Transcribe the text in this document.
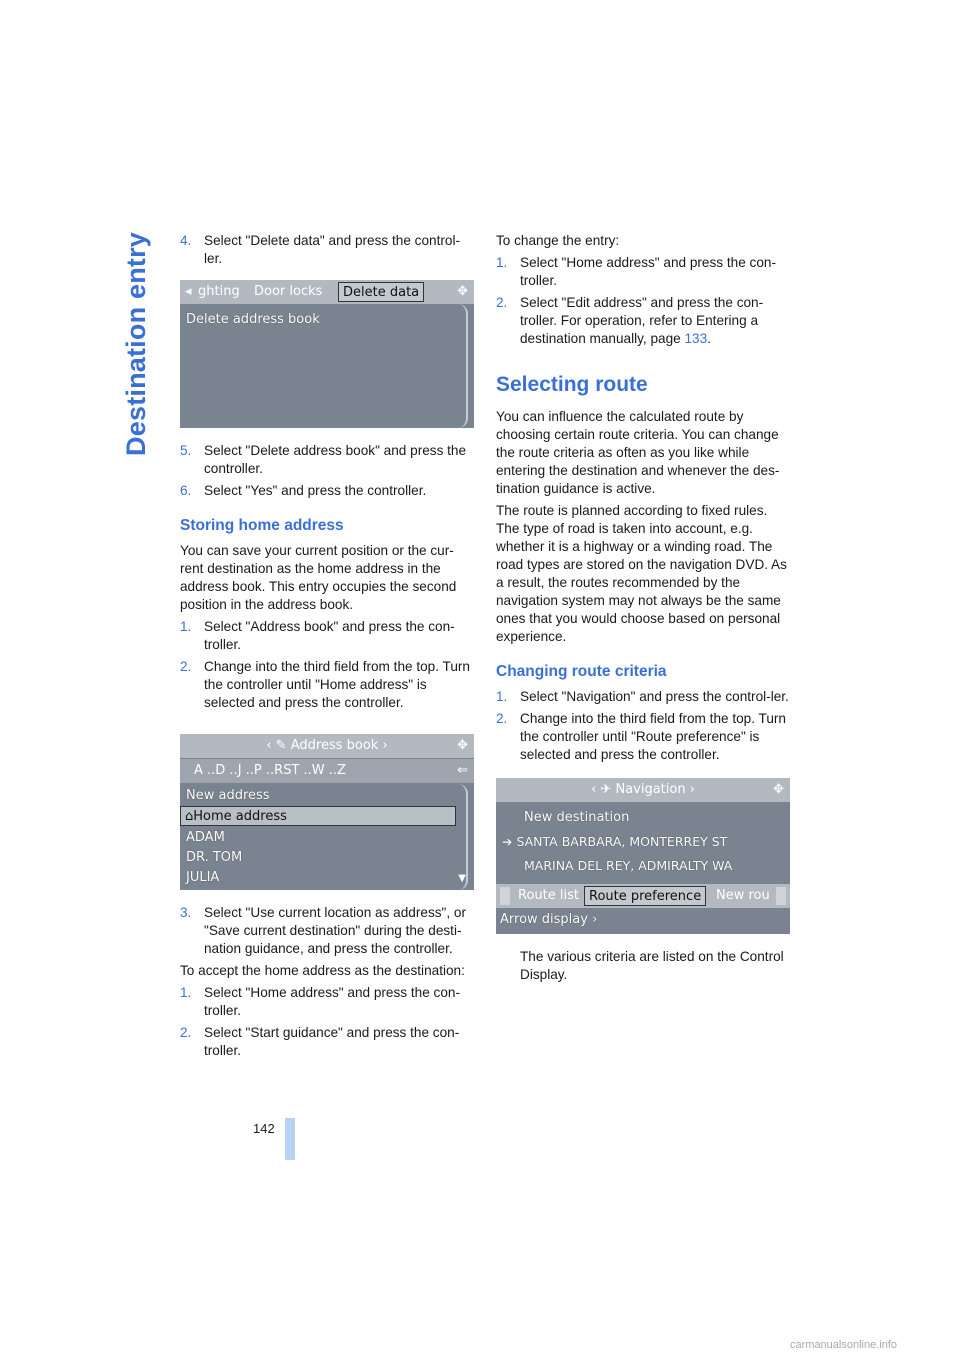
Destination entry 4. Select "Delete data" and press the control-ler.
◂ ghting Door locks	Delete data	✥
Delete address book
5. Select "Delete address book" and press the controller.
6. Select "Yes" and press the controller.
Storing home address

You can save your current position or the cur-rent destination as the home address in the address book. This entry occupies the second position in the address book.

1. Select "Address book" and press the con-troller.
2. Change into the third field from the top. Turn the controller until "Home address" is selected and press the controller.
‹ ✎ Address book ›	✥
A ..D ..J ..P ..RST ..W ..Z	⇐
New address
⌂Home address
ADAM
DR. TOM
JULIA	▼
3. Select "Use current location as address", or "Save current destination" during the desti-nation guidance, and press the controller.

To accept the home address as the destination:

1. Select "Home address" and press the con-troller.
2. Select "Start guidance" and press the con-troller.

To change the entry:

1. Select "Home address" and press the con-troller.
2. Select "Edit address" and press the con-troller. For operation, refer to Entering a destination manually, page 133.
Selecting route

You can influence the calculated route by choosing certain route criteria. You can change the route criteria as often as you like while entering the destination and whenever the des-tination guidance is active.

The route is planned according to fixed rules. The type of road is taken into account, e.g. whether it is a highway or a winding road. The road types are stored on the navigation DVD. As a result, the routes recommended by the navigation system may not always be the same ones that you would choose based on personal experience.

Changing route criteria
1. Select "Navigation" and press the control-ler.
2. Change into the third field from the top. Turn the controller until "Route preference" is selected and press the controller.
‹ ✈ Navigation ›	✥
New destination
➔ SANTA BARBARA, MONTERREY ST
MARINA DEL REY, ADMIRALTY WA
Route list Route preference	New rou
Arrow display ›

The various criteria are listed on the Control Display.

142
carmanualsonline.info
